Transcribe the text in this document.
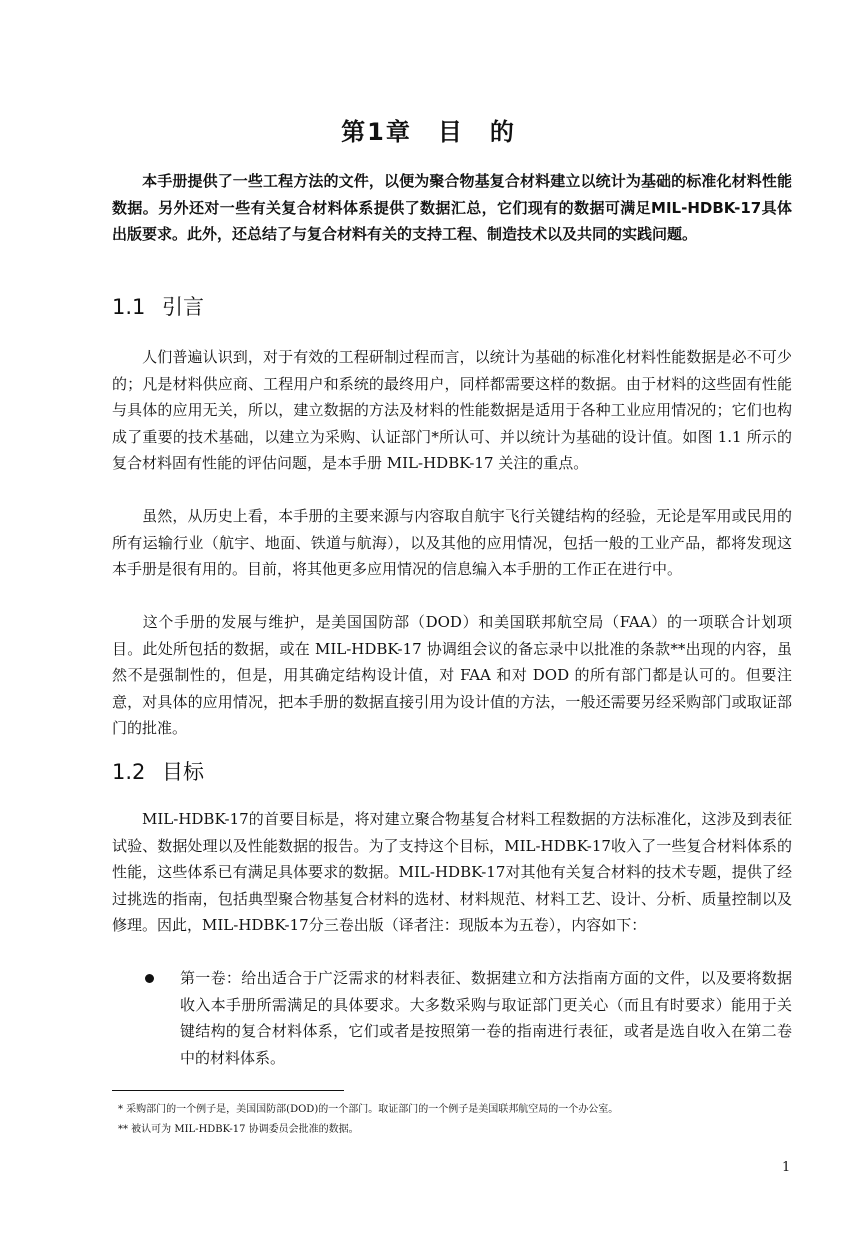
第1章　目　的

本手册提供了一些工程方法的文件，以便为聚合物基复合材料建立以统计为基础的标准化材料性能数据。另外还对一些有关复合材料体系提供了数据汇总，它们现有的数据可满足MIL-HDBK-17具体出版要求。此外，还总结了与复合材料有关的支持工程、制造技术以及共同的实践问题。

1.1 引言

人们普遍认识到，对于有效的工程研制过程而言，以统计为基础的标准化材料性能数据是必不可少的；凡是材料供应商、工程用户和系统的最终用户，同样都需要这样的数据。由于材料的这些固有性能与具体的应用无关，所以，建立数据的方法及材料的性能数据是适用于各种工业应用情况的；它们也构成了重要的技术基础，以建立为采购、认证部门*所认可、并以统计为基础的设计值。如图 1.1 所示的复合材料固有性能的评估问题，是本手册 MIL-HDBK-17 关注的重点。

虽然，从历史上看，本手册的主要来源与内容取自航宇飞行关键结构的经验，无论是军用或民用的所有运输行业（航宇、地面、铁道与航海），以及其他的应用情况，包括一般的工业产品，都将发现这本手册是很有用的。目前，将其他更多应用情况的信息编入本手册的工作正在进行中。

这个手册的发展与维护，是美国国防部（DOD）和美国联邦航空局（FAA）的一项联合计划项目。此处所包括的数据，或在 MIL-HDBK-17 协调组会议的备忘录中以批准的条款**出现的内容，虽然不是强制性的，但是，用其确定结构设计值，对 FAA 和对 DOD 的所有部门都是认可的。但要注意，对具体的应用情况，把本手册的数据直接引用为设计值的方法，一般还需要另经采购部门或取证部门的批准。

1.2 目标

MIL-HDBK-17的首要目标是，将对建立聚合物基复合材料工程数据的方法标准化，这涉及到表征试验、数据处理以及性能数据的报告。为了支持这个目标，MIL-HDBK-17收入了一些复合材料体系的性能，这些体系已有满足具体要求的数据。MIL-HDBK-17对其他有关复合材料的技术专题，提供了经过挑选的指南，包括典型聚合物基复合材料的选材、材料规范、材料工艺、设计、分析、质量控制以及修理。因此，MIL-HDBK-17分三卷出版（译者注：现版本为五卷），内容如下：

第一卷：给出适合于广泛需求的材料表征、数据建立和方法指南方面的文件，以及要将数据收入本手册所需满足的具体要求。大多数采购与取证部门更关心（而且有时要求）能用于关键结构的复合材料体系，它们或者是按照第一卷的指南进行表征，或者是选自收入在第二卷中的材料体系。
* 采购部门的一个例子是，美国国防部(DOD)的一个部门。取证部门的一个例子是美国联邦航空局的一个办公室。
** 被认可为 MIL-HDBK-17 协调委员会批准的数据。
1
